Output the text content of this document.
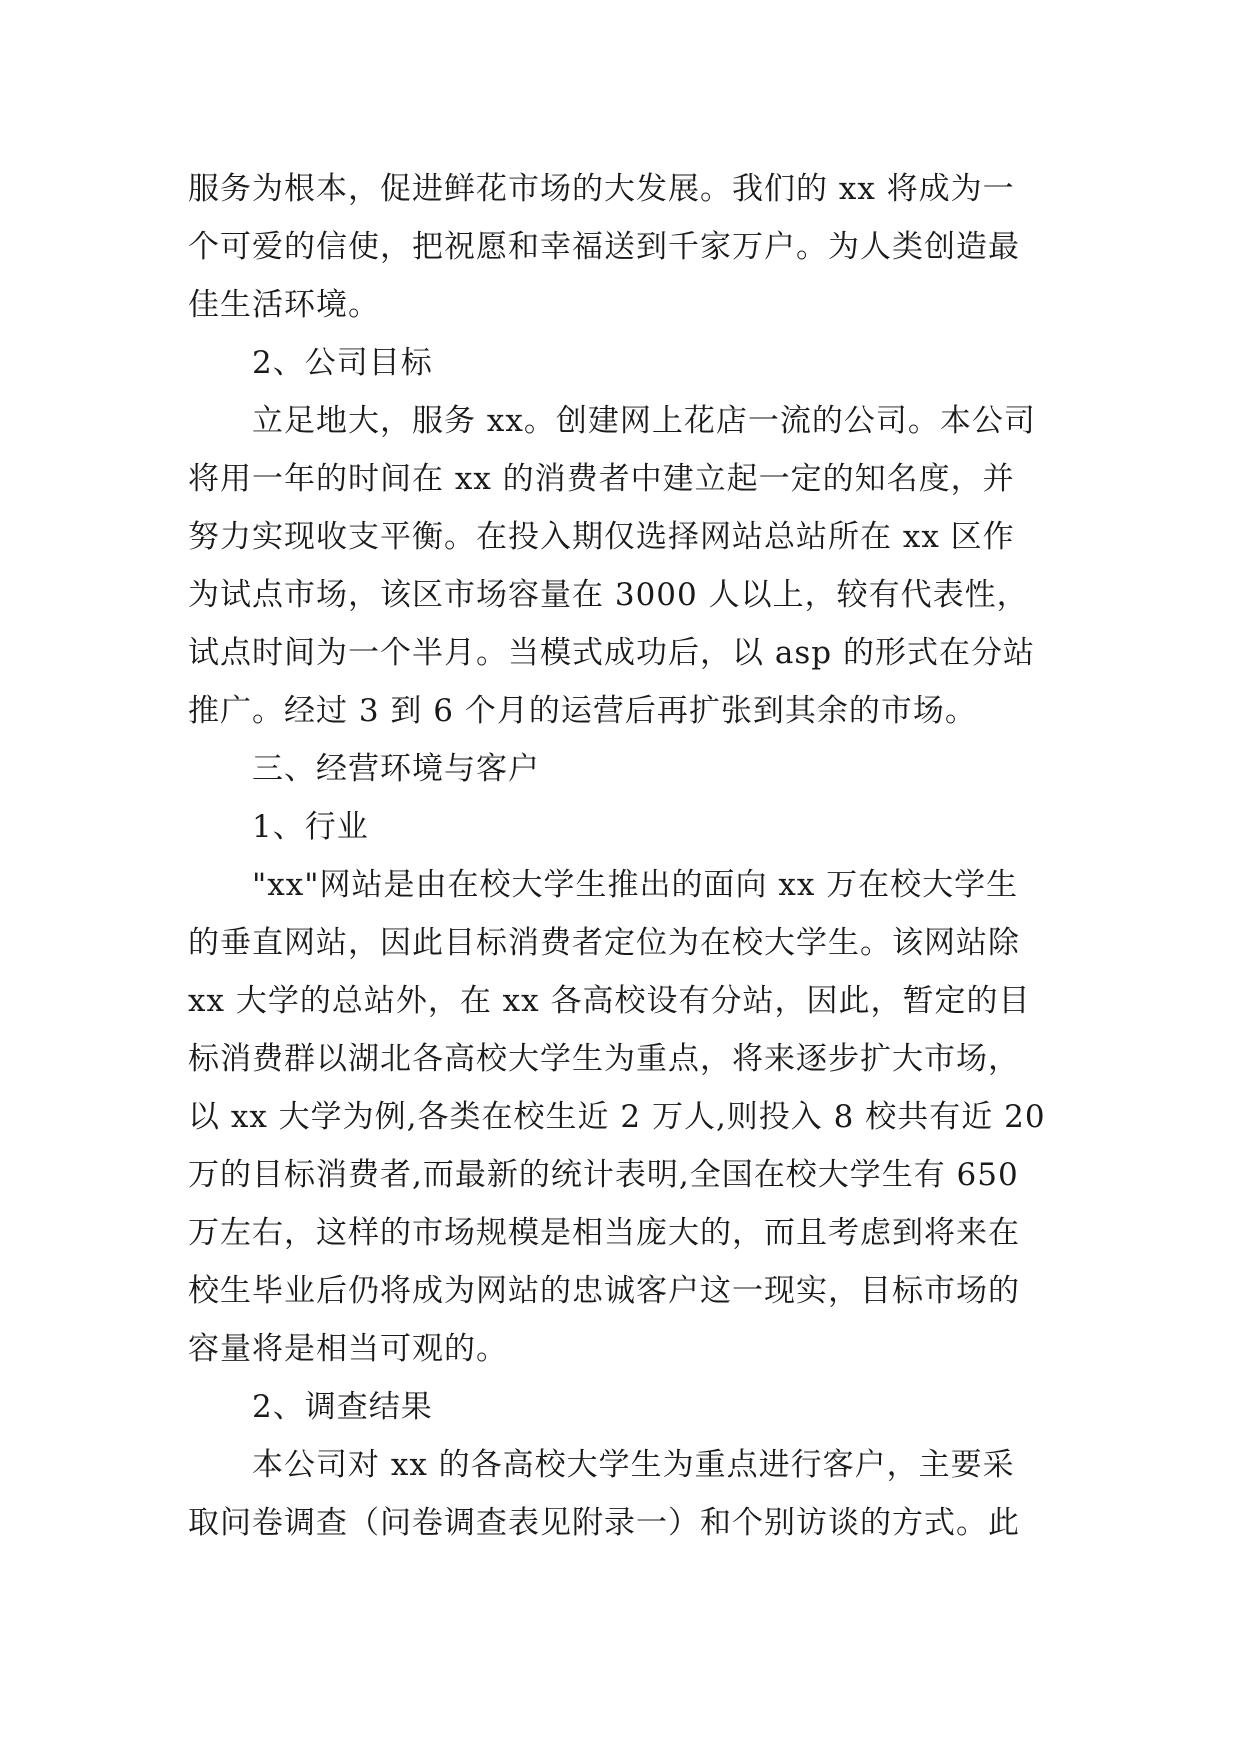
服务为根本，促进鲜花市场的大发展。我们的 xx 将成为一
个可爱的信使，把祝愿和幸福送到千家万户。为人类创造最
佳生活环境。
2、公司目标
立足地大，服务 xx。创建网上花店一流的公司。本公司
将用一年的时间在 xx 的消费者中建立起一定的知名度，并
努力实现收支平衡。在投入期仅选择网站总站所在 xx 区作
为试点市场，该区市场容量在 3000 人以上，较有代表性，
试点时间为一个半月。当模式成功后，以 asp 的形式在分站
推广。经过 3 到 6 个月的运营后再扩张到其余的市场。
三、经营环境与客户
1、行业
"xx"网站是由在校大学生推出的面向 xx 万在校大学生
的垂直网站，因此目标消费者定位为在校大学生。该网站除
xx 大学的总站外，在 xx 各高校设有分站，因此，暂定的目
标消费群以湖北各高校大学生为重点，将来逐步扩大市场，
以 xx 大学为例,各类在校生近 2 万人,则投入 8 校共有近 20
万的目标消费者,而最新的统计表明,全国在校大学生有 650
万左右，这样的市场规模是相当庞大的，而且考虑到将来在
校生毕业后仍将成为网站的忠诚客户这一现实，目标市场的
容量将是相当可观的。
2、调查结果
本公司对 xx 的各高校大学生为重点进行客户，主要采
取问卷调查（问卷调查表见附录一）和个别访谈的方式。此
